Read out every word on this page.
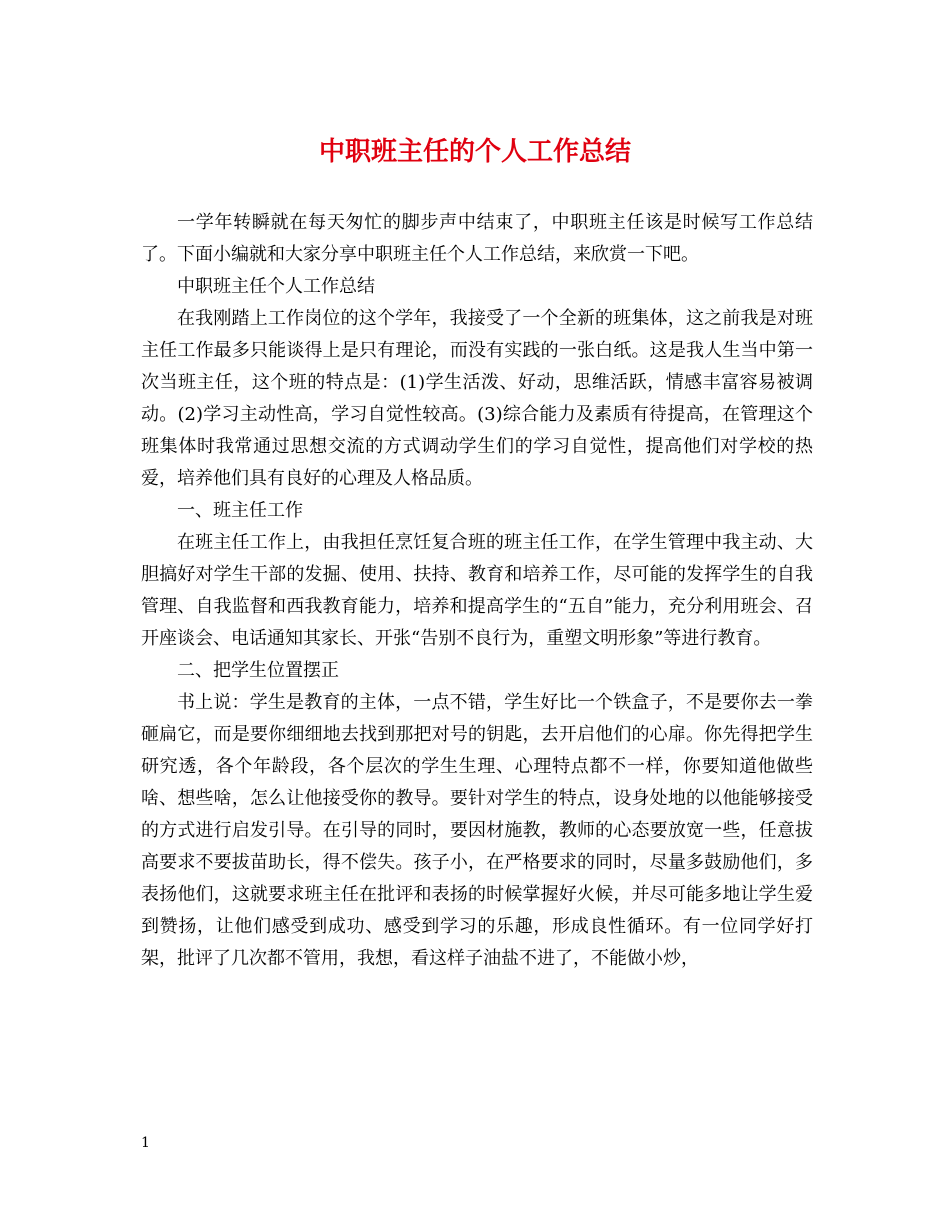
中职班主任的个人工作总结

一学年转瞬就在每天匆忙的脚步声中结束了，中职班主任该是时候写工作总结了。下面小编就和大家分享中职班主任个人工作总结，来欣赏一下吧。

中职班主任个人工作总结

在我刚踏上工作岗位的这个学年，我接受了一个全新的班集体，这之前我是对班主任工作最多只能谈得上是只有理论，而没有实践的一张白纸。这是我人生当中第一次当班主任，这个班的特点是：(1)学生活泼、好动，思维活跃，情感丰富容易被调动。(2)学习主动性高，学习自觉性较高。(3)综合能力及素质有待提高，在管理这个班集体时我常通过思想交流的方式调动学生们的学习自觉性，提高他们对学校的热爱，培养他们具有良好的心理及人格品质。

一、班主任工作

在班主任工作上，由我担任烹饪复合班的班主任工作，在学生管理中我主动、大胆搞好对学生干部的发掘、使用、扶持、教育和培养工作，尽可能的发挥学生的自我管理、自我监督和西我教育能力，培养和提高学生的“五自”能力，充分利用班会、召开座谈会、电话通知其家长、开张“告别不良行为，重塑文明形象”等进行教育。

二、把学生位置摆正

书上说：学生是教育的主体，一点不错，学生好比一个铁盒子，不是要你去一拳砸扁它，而是要你细细地去找到那把对号的钥匙，去开启他们的心扉。你先得把学生研究透，各个年龄段，各个层次的学生生理、心理特点都不一样，你要知道他做些啥、想些啥，怎么让他接受你的教导。要针对学生的特点，设身处地的以他能够接受的方式进行启发引导。在引导的同时，要因材施教，教师的心态要放宽一些，任意拔高要求不要拔苗助长，得不偿失。孩子小，在严格要求的同时，尽量多鼓励他们，多表扬他们，这就要求班主任在批评和表扬的时候掌握好火候，并尽可能多地让学生爱到赞扬，让他们感受到成功、感受到学习的乐趣，形成良性循环。有一位同学好打架，批评了几次都不管用，我想，看这样子油盐不进了，不能做小炒，

1
